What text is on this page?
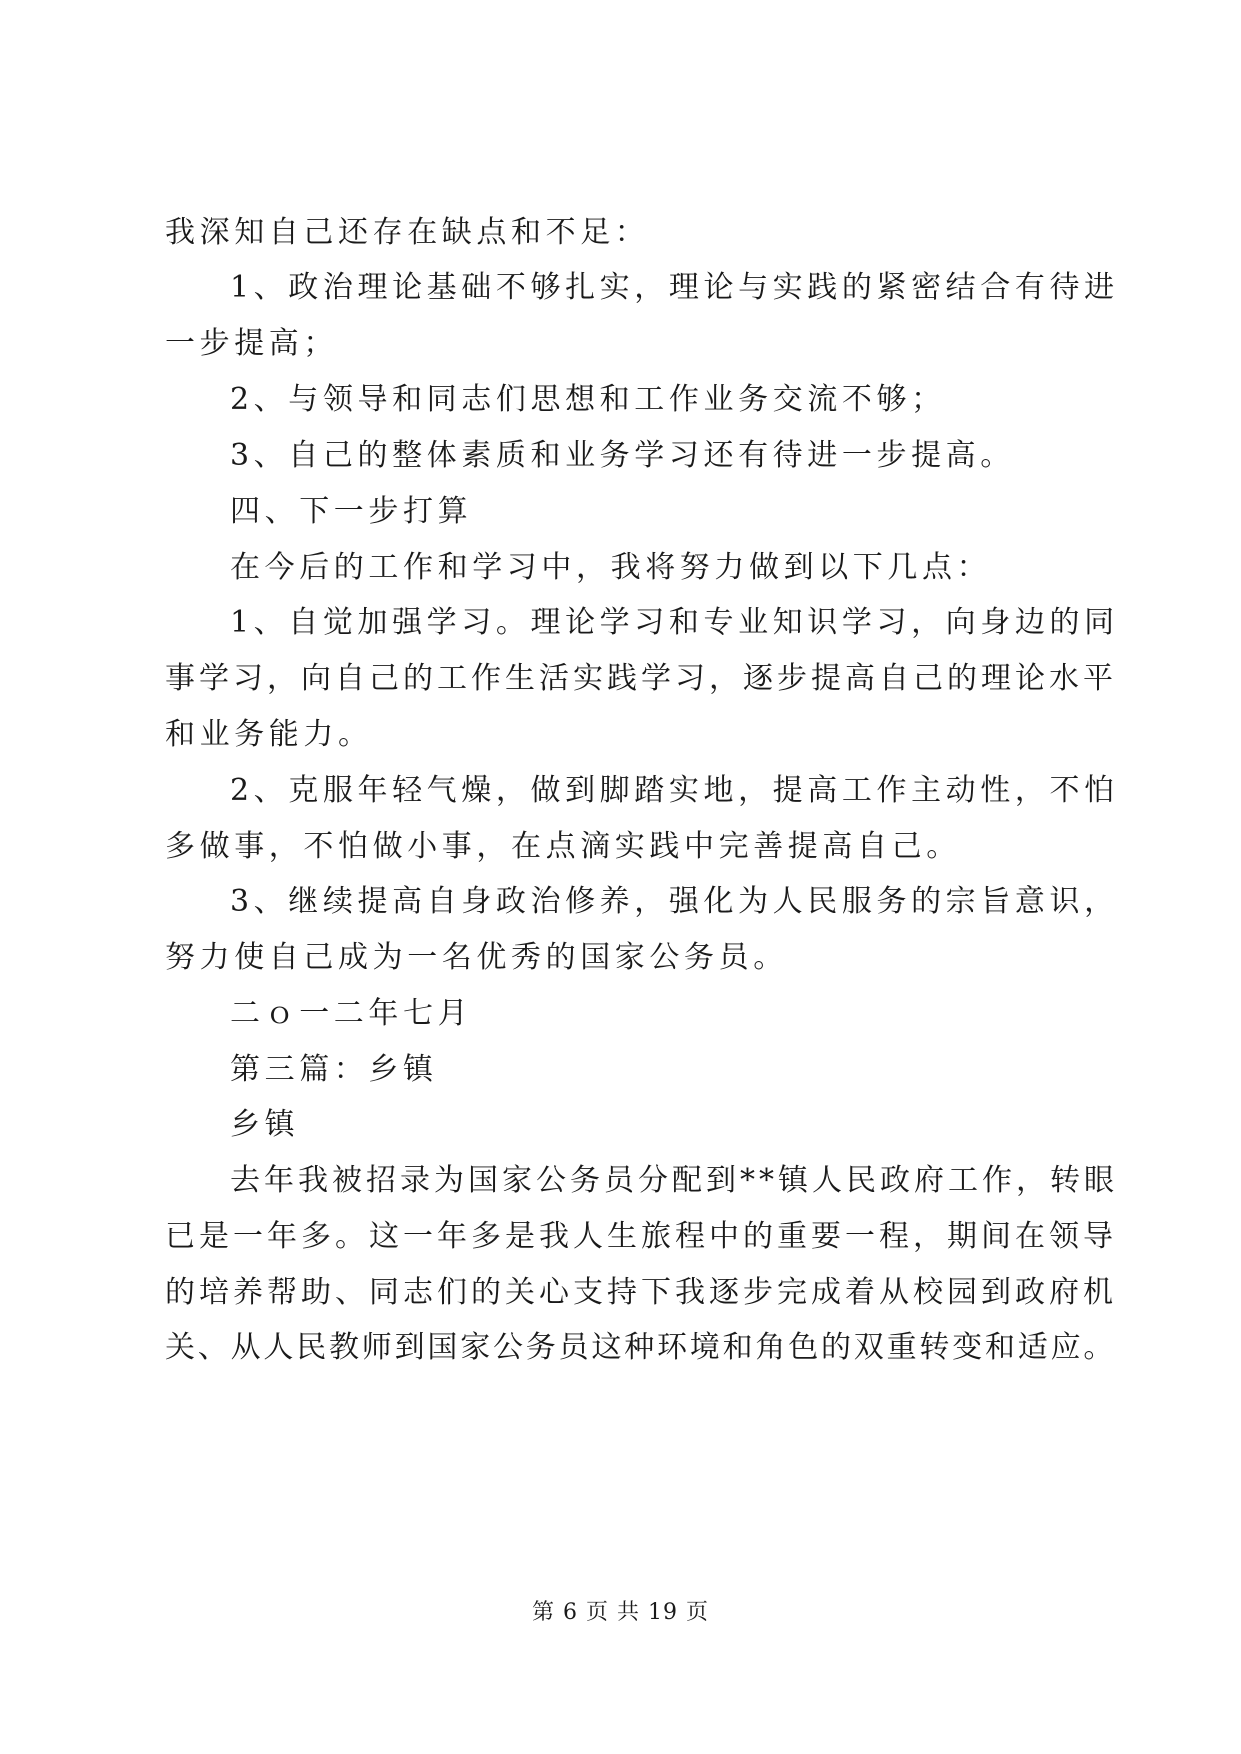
我深知自己还存在缺点和不足：
1、政治理论基础不够扎实，理论与实践的紧密结合有待进
一步提高；
2、与领导和同志们思想和工作业务交流不够；
3、自己的整体素质和业务学习还有待进一步提高。
四、下一步打算
在今后的工作和学习中，我将努力做到以下几点：
1、自觉加强学习。理论学习和专业知识学习，向身边的同
事学习，向自己的工作生活实践学习，逐步提高自己的理论水平
和业务能力。
2、克服年轻气燥，做到脚踏实地，提高工作主动性，不怕
多做事，不怕做小事，在点滴实践中完善提高自己。
3、继续提高自身政治修养，强化为人民服务的宗旨意识，
努力使自己成为一名优秀的国家公务员。
二ｏ一二年七月
第三篇：乡镇
乡镇
去年我被招录为国家公务员分配到**镇人民政府工作，转眼
已是一年多。这一年多是我人生旅程中的重要一程，期间在领导
的培养帮助、同志们的关心支持下我逐步完成着从校园到政府机
关、从人民教师到国家公务员这种环境和角色的双重转变和适应。
第 6 页 共 19 页
